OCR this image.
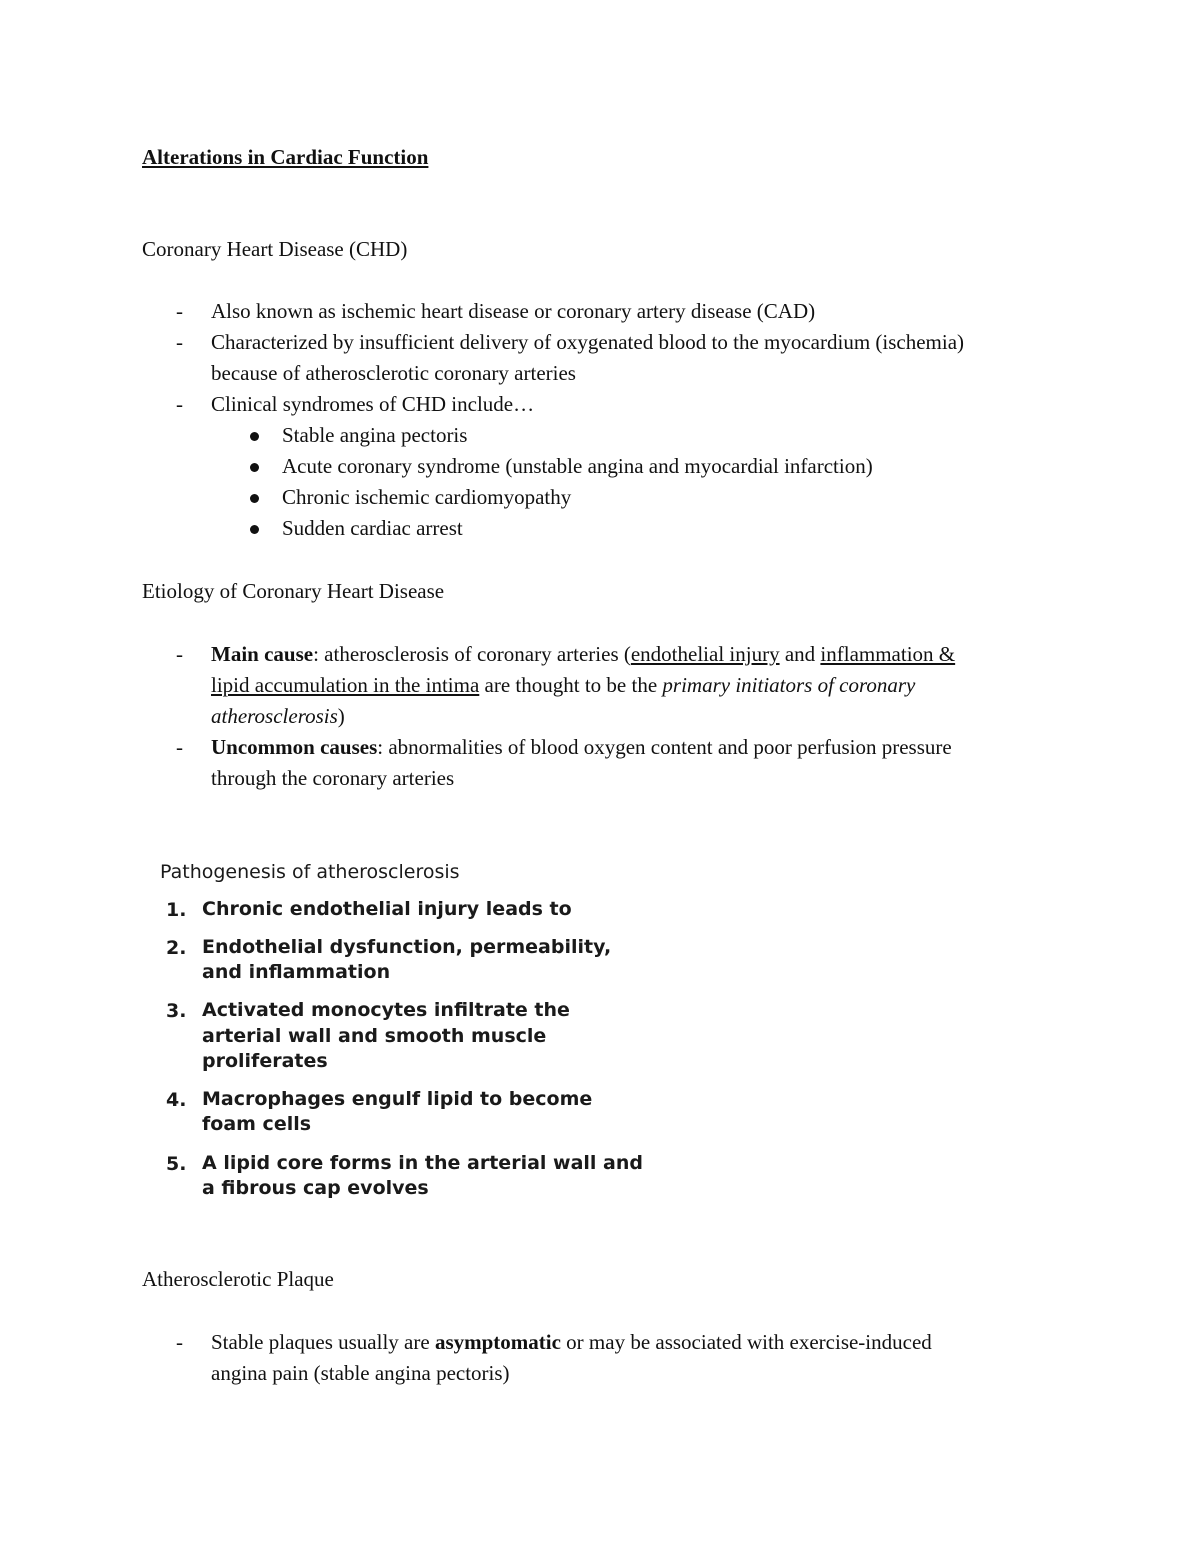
Alterations in Cardiac Function
Coronary Heart Disease (CHD)
- Also known as ischemic heart disease or coronary artery disease (CAD)
- Characterized by insufficient delivery of oxygenated blood to the myocardium (ischemia)
because of atherosclerotic coronary arteries
- Clinical syndromes of CHD include…
Stable angina pectoris
Acute coronary syndrome (unstable angina and myocardial infarction)
Chronic ischemic cardiomyopathy
Sudden cardiac arrest
Etiology of Coronary Heart Disease
- Main cause: atherosclerosis of coronary arteries (endothelial injury and inflammation &
lipid accumulation in the intima are thought to be the primary initiators of coronary
atherosclerosis)
- Uncommon causes: abnormalities of blood oxygen content and poor perfusion pressure
through the coronary arteries
Pathogenesis of atherosclerosis
1. Chronic endothelial injury leads to
2. Endothelial dysfunction, permeability,
and inflammation
3. Activated monocytes infiltrate the
arterial wall and smooth muscle
proliferates
4. Macrophages engulf lipid to become
foam cells
5. A lipid core forms in the arterial wall and
a fibrous cap evolves
Atherosclerotic Plaque
- Stable plaques usually are asymptomatic or may be associated with exercise-induced
angina pain (stable angina pectoris)
